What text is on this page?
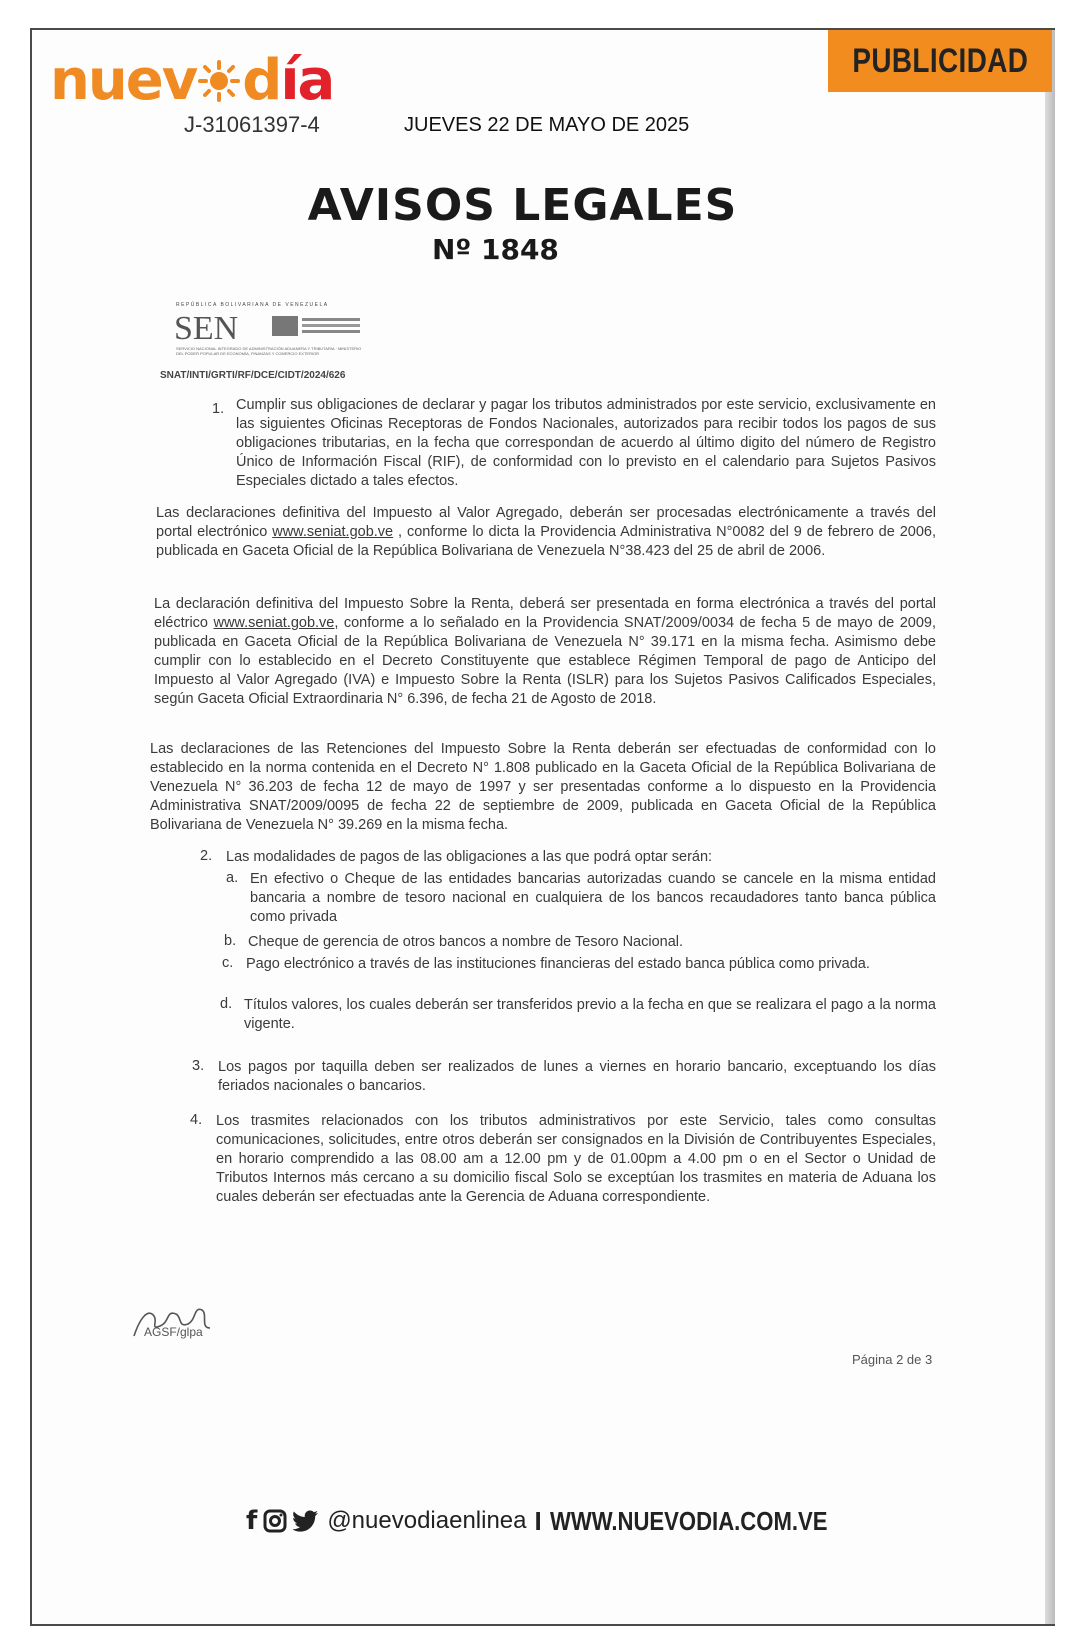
nuev d ía
J-31061397-4	JUEVES 22 DE MAYO DE 2025
PUBLICIDAD
AVISOS LEGALES
Nº 1848
REPÚBLICA BOLIVARIANA DE VENEZUELA
SEN
SERVICIO NACIONAL INTEGRADO DE ADMINISTRACIÓN ADUANERA Y TRIBUTARIA · MINISTERIO DEL PODER POPULAR DE ECONOMÍA, FINANZAS Y COMERCIO EXTERIOR
SNAT/INTI/GRTI/RF/DCE/CIDT/2024/626
1. Cumplir sus obligaciones de declarar y pagar los tributos administrados por este servicio, exclusivamente en las siguientes Oficinas Receptoras de Fondos Nacionales, autorizados para recibir todos los pagos de sus obligaciones tributarias, en la fecha que correspondan de acuerdo al último digito del número de Registro Único de Información Fiscal (RIF), de conformidad con lo previsto en el calendario para Sujetos Pasivos Especiales dictado a tales efectos.
Las declaraciones definitiva del Impuesto al Valor Agregado, deberán ser procesadas electrónicamente a través del portal electrónico www.seniat.gob.ve , conforme lo dicta la Providencia Administrativa N°0082 del 9 de febrero de 2006, publicada en Gaceta Oficial de la República Bolivariana de Venezuela N°38.423 del 25 de abril de 2006.
La declaración definitiva del Impuesto Sobre la Renta, deberá ser presentada en forma electrónica a través del portal eléctrico www.seniat.gob.ve, conforme a lo señalado en la Providencia SNAT/2009/0034 de fecha 5 de mayo de 2009, publicada en Gaceta Oficial de la República Bolivariana de Venezuela N° 39.171 en la misma fecha. Asimismo debe cumplir con lo establecido en el Decreto Constituyente que establece Régimen Temporal de pago de Anticipo del Impuesto al Valor Agregado (IVA) e Impuesto Sobre la Renta (ISLR) para los Sujetos Pasivos Calificados Especiales, según Gaceta Oficial Extraordinaria N° 6.396, de fecha 21 de Agosto de 2018.
Las declaraciones de las Retenciones del Impuesto Sobre la Renta deberán ser efectuadas de conformidad con lo establecido en la norma contenida en el Decreto N° 1.808 publicado en la Gaceta Oficial de la República Bolivariana de Venezuela N° 36.203 de fecha 12 de mayo de 1997 y ser presentadas conforme a lo dispuesto en la Providencia Administrativa SNAT/2009/0095 de fecha 22 de septiembre de 2009, publicada en Gaceta Oficial de la República Bolivariana de Venezuela N° 39.269 en la misma fecha.
2. Las modalidades de pagos de las obligaciones a las que podrá optar serán:
a. En efectivo o Cheque de las entidades bancarias autorizadas cuando se cancele en la misma entidad bancaria a nombre de tesoro nacional en cualquiera de los bancos recaudadores tanto banca pública como privada
b. Cheque de gerencia de otros bancos a nombre de Tesoro Nacional.
c. Pago electrónico a través de las instituciones financieras del estado banca pública como privada.
d. Títulos valores, los cuales deberán ser transferidos previo a la fecha en que se realizara el pago a la norma vigente.
3. Los pagos por taquilla deben ser realizados de lunes a viernes en horario bancario, exceptuando los días feriados nacionales o bancarios.
4. Los trasmites relacionados con los tributos administrativos por este Servicio, tales como consultas comunicaciones, solicitudes, entre otros deberán ser consignados en la División de Contribuyentes Especiales, en horario comprendido a las 08.00 am a 12.00 pm y de 01.00pm a 4.00 pm o en el Sector o Unidad de Tributos Internos más cercano a su domicilio fiscal Solo se exceptúan los trasmites en materia de Aduana los cuales deberán ser efectuadas ante la Gerencia de Aduana correspondiente.
AGSF/glpa
Página 2 de 3
f	@nuevodiaenlinea I WWW.NUEVODIA.COM.VE
